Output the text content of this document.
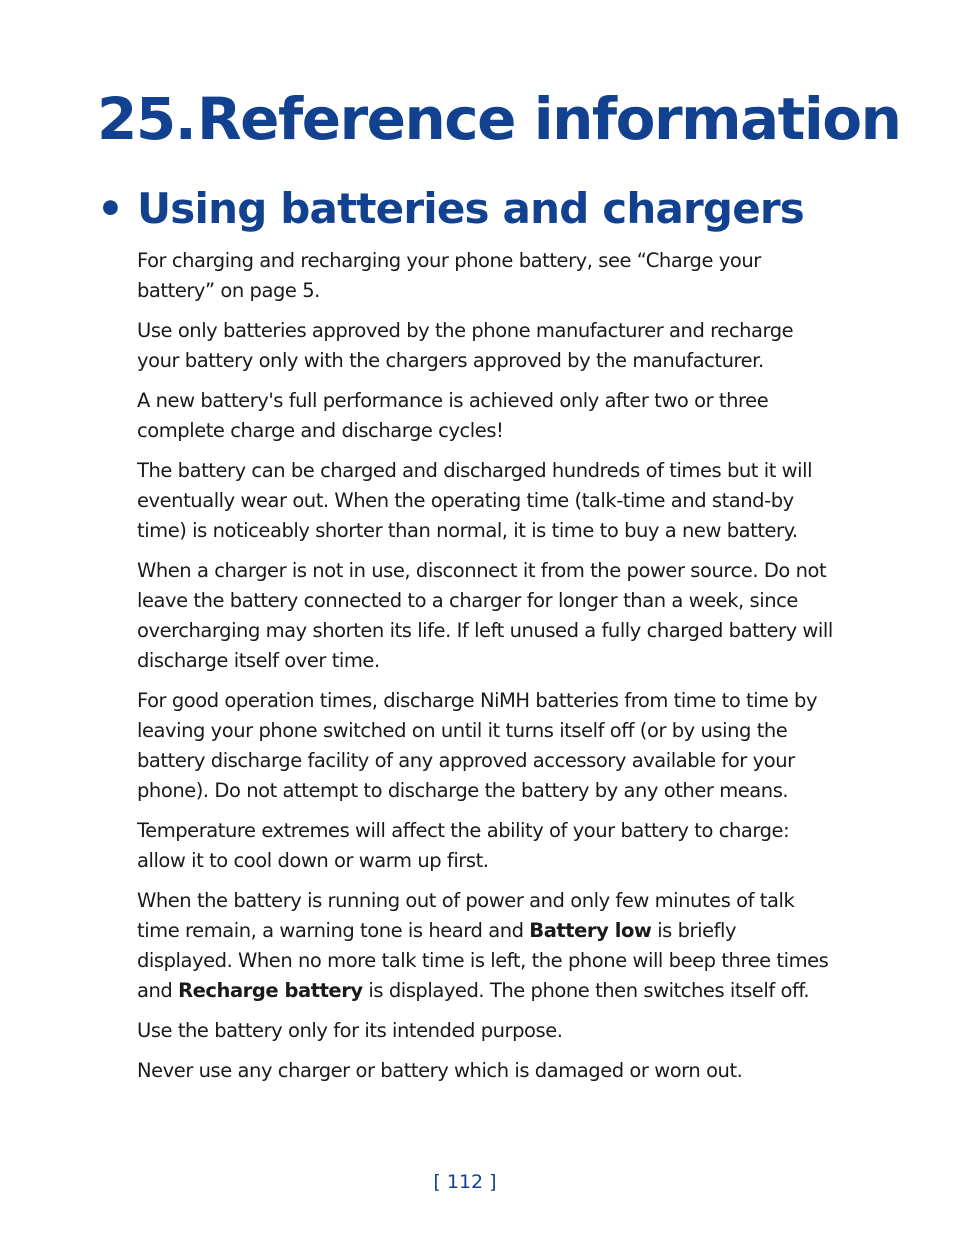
25.Reference information
• Using batteries and chargers

For charging and recharging your phone battery, see “Charge your battery” on page 5.

Use only batteries approved by the phone manufacturer and recharge your battery only with the chargers approved by the manufacturer.

A new battery's full performance is achieved only after two or three complete charge and discharge cycles!

The battery can be charged and discharged hundreds of times but it will eventually wear out. When the operating time (talk-time and stand-by time) is noticeably shorter than normal, it is time to buy a new battery.

When a charger is not in use, disconnect it from the power source. Do not leave the battery connected to a charger for longer than a week, since overcharging may shorten its life. If left unused a fully charged battery will discharge itself over time.

For good operation times, discharge NiMH batteries from time to time by leaving your phone switched on until it turns itself off (or by using the battery discharge facility of any approved accessory available for your phone). Do not attempt to discharge the battery by any other means.

Temperature extremes will affect the ability of your battery to charge: allow it to cool down or warm up first.

When the battery is running out of power and only few minutes of talk time remain, a warning tone is heard and Battery low is briefly displayed. When no more talk time is left, the phone will beep three times and Recharge battery is displayed. The phone then switches itself off.

Use the battery only for its intended purpose.

Never use any charger or battery which is damaged or worn out.

[ 112 ]
